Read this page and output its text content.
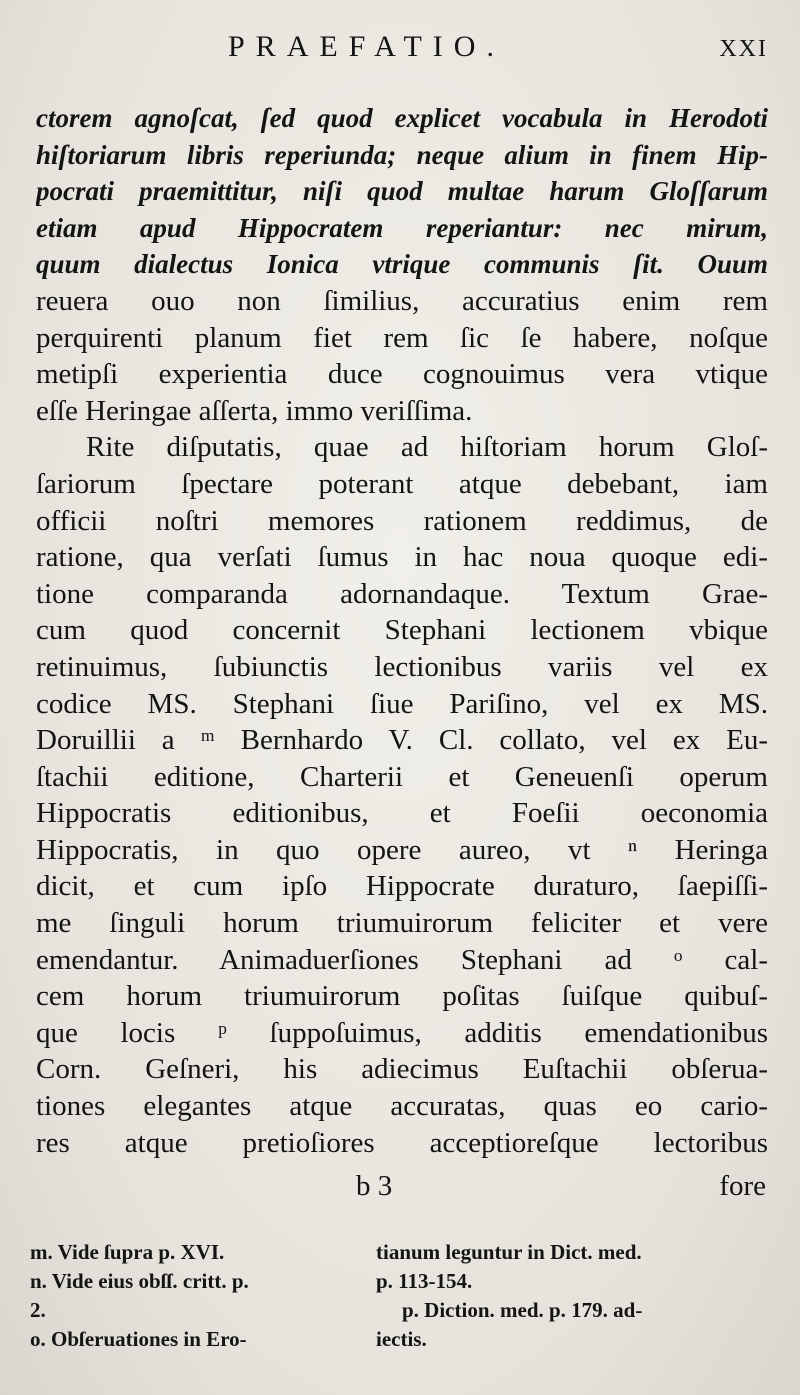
PRAEFATIO.	XXI
ctorem agnoſcat, ſed quod explicet vocabula in Herodoti
hiſtoriarum libris reperiunda; neque alium in finem Hip-
pocrati praemittitur, niſi quod multae harum Gloſſarum
etiam apud Hippocratem reperiantur: nec mirum,
quum dialectus Ionica vtrique communis ſit. Ouum
reuera ouo non ſimilius, accuratius enim rem
perquirenti planum fiet rem ſic ſe habere, noſque
metipſi experientia duce cognouimus vera vtique
eſſe Heringae aſſerta, immo veriſſima.
Rite diſputatis, quae ad hiſtoriam horum Gloſ-
ſariorum ſpectare poterant atque debebant, iam
officii noſtri memores rationem reddimus, de
ratione, qua verſati ſumus in hac noua quoque edi-
tione comparanda adornandaque. Textum Grae-
cum quod concernit Stephani lectionem vbique
retinuimus, ſubiunctis lectionibus variis vel ex
codice MS. Stephani ſiue Pariſino, vel ex MS.
Doruillii a ᵐ Bernhardo V. Cl. collato, vel ex Eu-
ſtachii editione, Charterii et Geneuenſi operum
Hippocratis editionibus, et Foeſii oeconomia
Hippocratis, in quo opere aureo, vt ⁿ Heringa
dicit, et cum ipſo Hippocrate duraturo, ſaepiſſi-
me ſinguli horum triumuirorum feliciter et vere
emendantur. Animaduerſiones Stephani ad ᵒ cal-
cem horum triumuirorum poſitas ſuiſque quibuſ-
que locis ᵖ ſuppoſuimus, additis emendationibus
Corn. Geſneri, his adiecimus Euſtachii obſerua-
tiones elegantes atque accuratas, quas eo cario-
res atque pretioſiores acceptioreſque lectoribus
b 3	fore
m. Vide ſupra p. XVI.
n. Vide eius obſſ. critt. p.
2.
o. Obſeruationes in Ero-
tianum leguntur in Dict. med.
p. 113-154.
p. Diction. med. p. 179. ad-
iectis.
